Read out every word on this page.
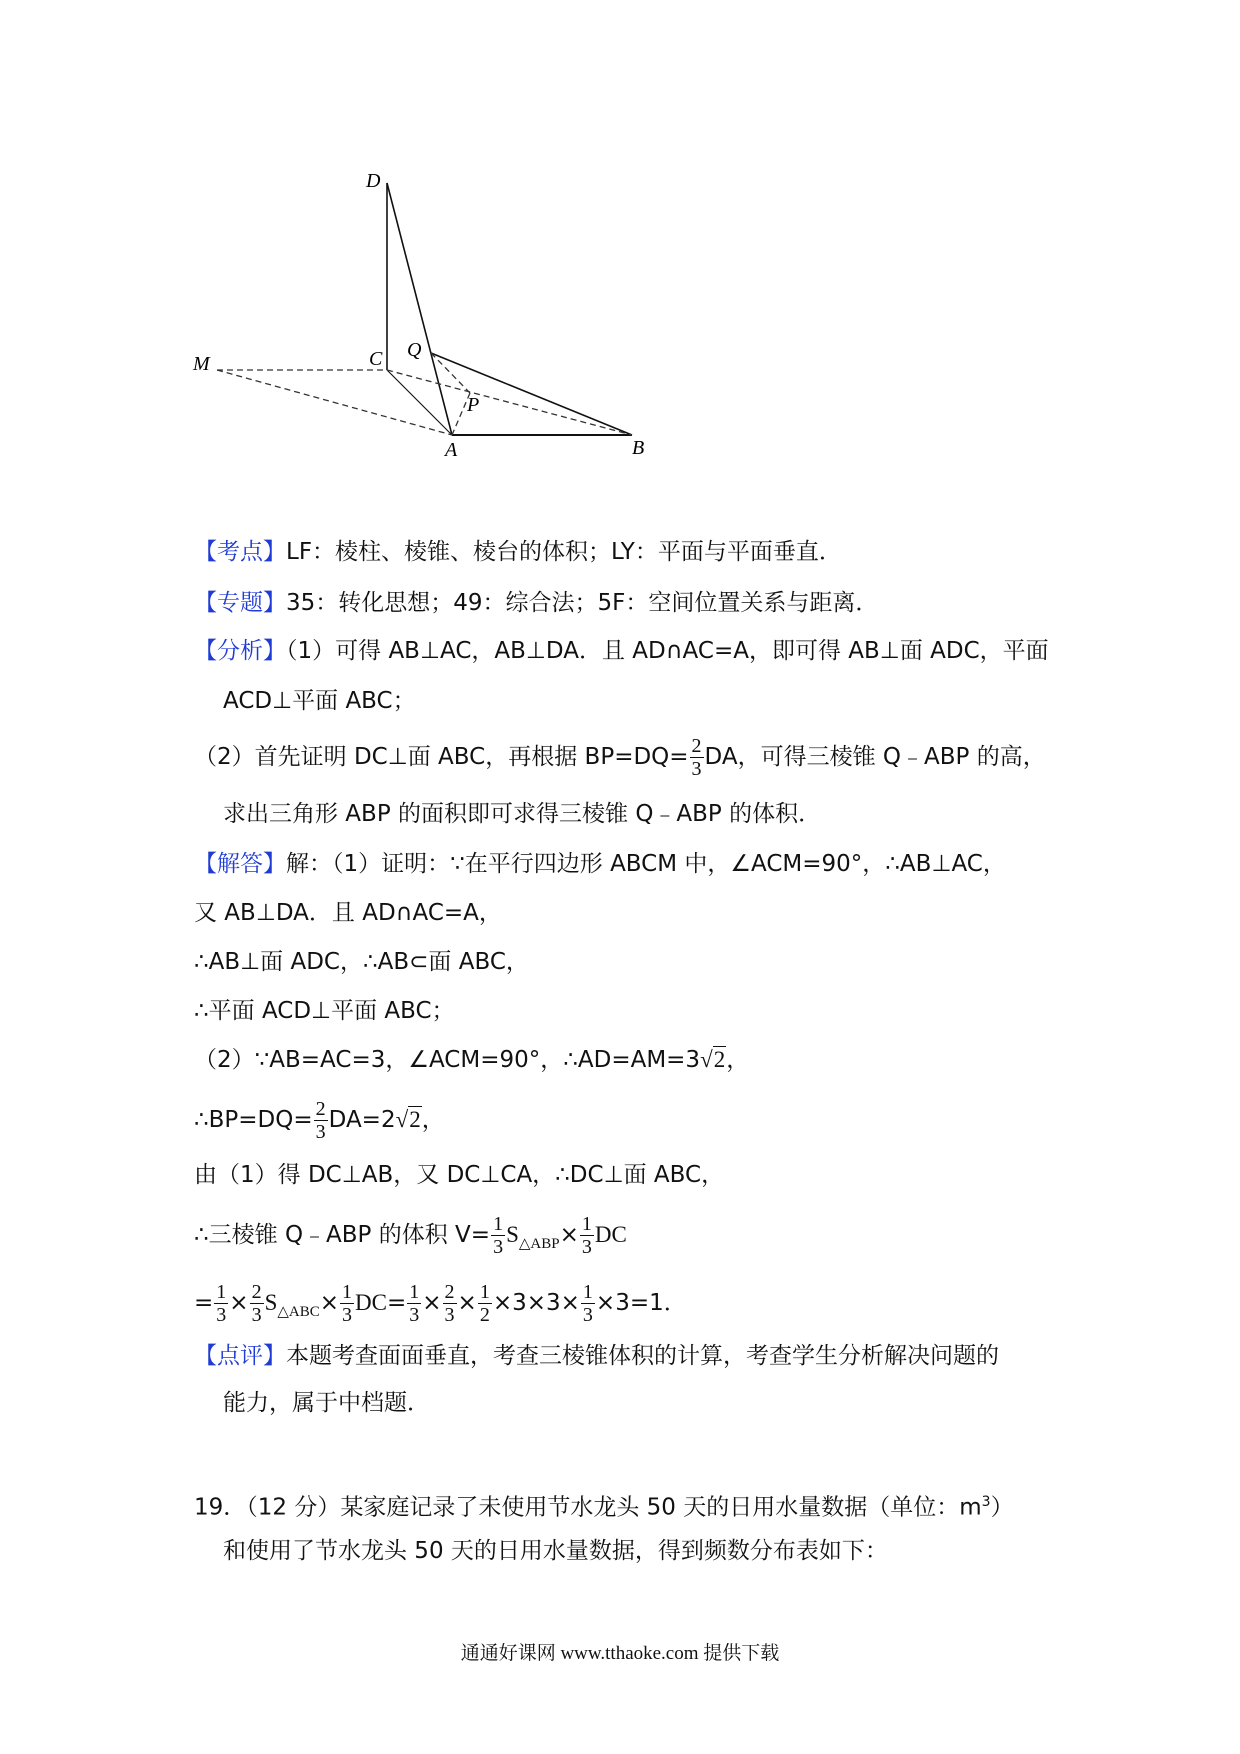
D
C Q
M
P
A	B
【考点】LF：棱柱、棱锥、棱台的体积；LY：平面与平面垂直．
【专题】35：转化思想；49：综合法；5F：空间位置关系与距离．
【分析】（1）可得 AB⊥AC，AB⊥DA．且 AD∩AC=A，即可得 AB⊥面 ADC，平面
ACD⊥平面 ABC；
（2）首先证明 DC⊥面 ABC，再根据 $BP=DQ= \frac{2}{3}$ DA，可得三棱锥 Q﹣ABP 的高，
求出三角形 ABP 的面积即可求得三棱锥 Q﹣ABP 的体积．
【解答】解：（1）证明：∵在平行四边形 ABCM 中，∠ACM=90°，∴AB⊥AC，
又 AB⊥DA．且 AD∩AC=A，
∴AB⊥面 ADC，∴AB⊂面 ABC，
∴平面 ACD⊥平面 ABC；
（2）∵AB=AC=3，∠ACM=90°，∴AD=AM=3√2，
∴BP=DQ= $\frac{2}{3} DA=2√2$，
由（1）得 DC⊥AB，又 DC⊥CA，∴DC⊥面 ABC，
∴三棱锥 Q﹣ABP 的体积 $V= \frac{1}{3} S_{\triangle ABP}\times \frac{1}{3}$ DC
= $\frac{1}{3} \times \frac{2}{3} S_{\triangle ABC}\times \frac{1}{3} DC= \frac{1}{3} \times \frac{2}{3} \times \frac{1}{2} \times 3\times 3\times \frac{1}{3} \times 3=1$．
【点评】本题考查面面垂直，考查三棱锥体积的计算，考查学生分析解决问题的
能力，属于中档题．
19．（12 分）某家庭记录了未使用节水龙头 50 天的日用水量数据（单位：$m^3$）
和使用了节水龙头 50 天的日用水量数据，得到频数分布表如下：
通通好课网 www.tthaoke.com 提供下载
